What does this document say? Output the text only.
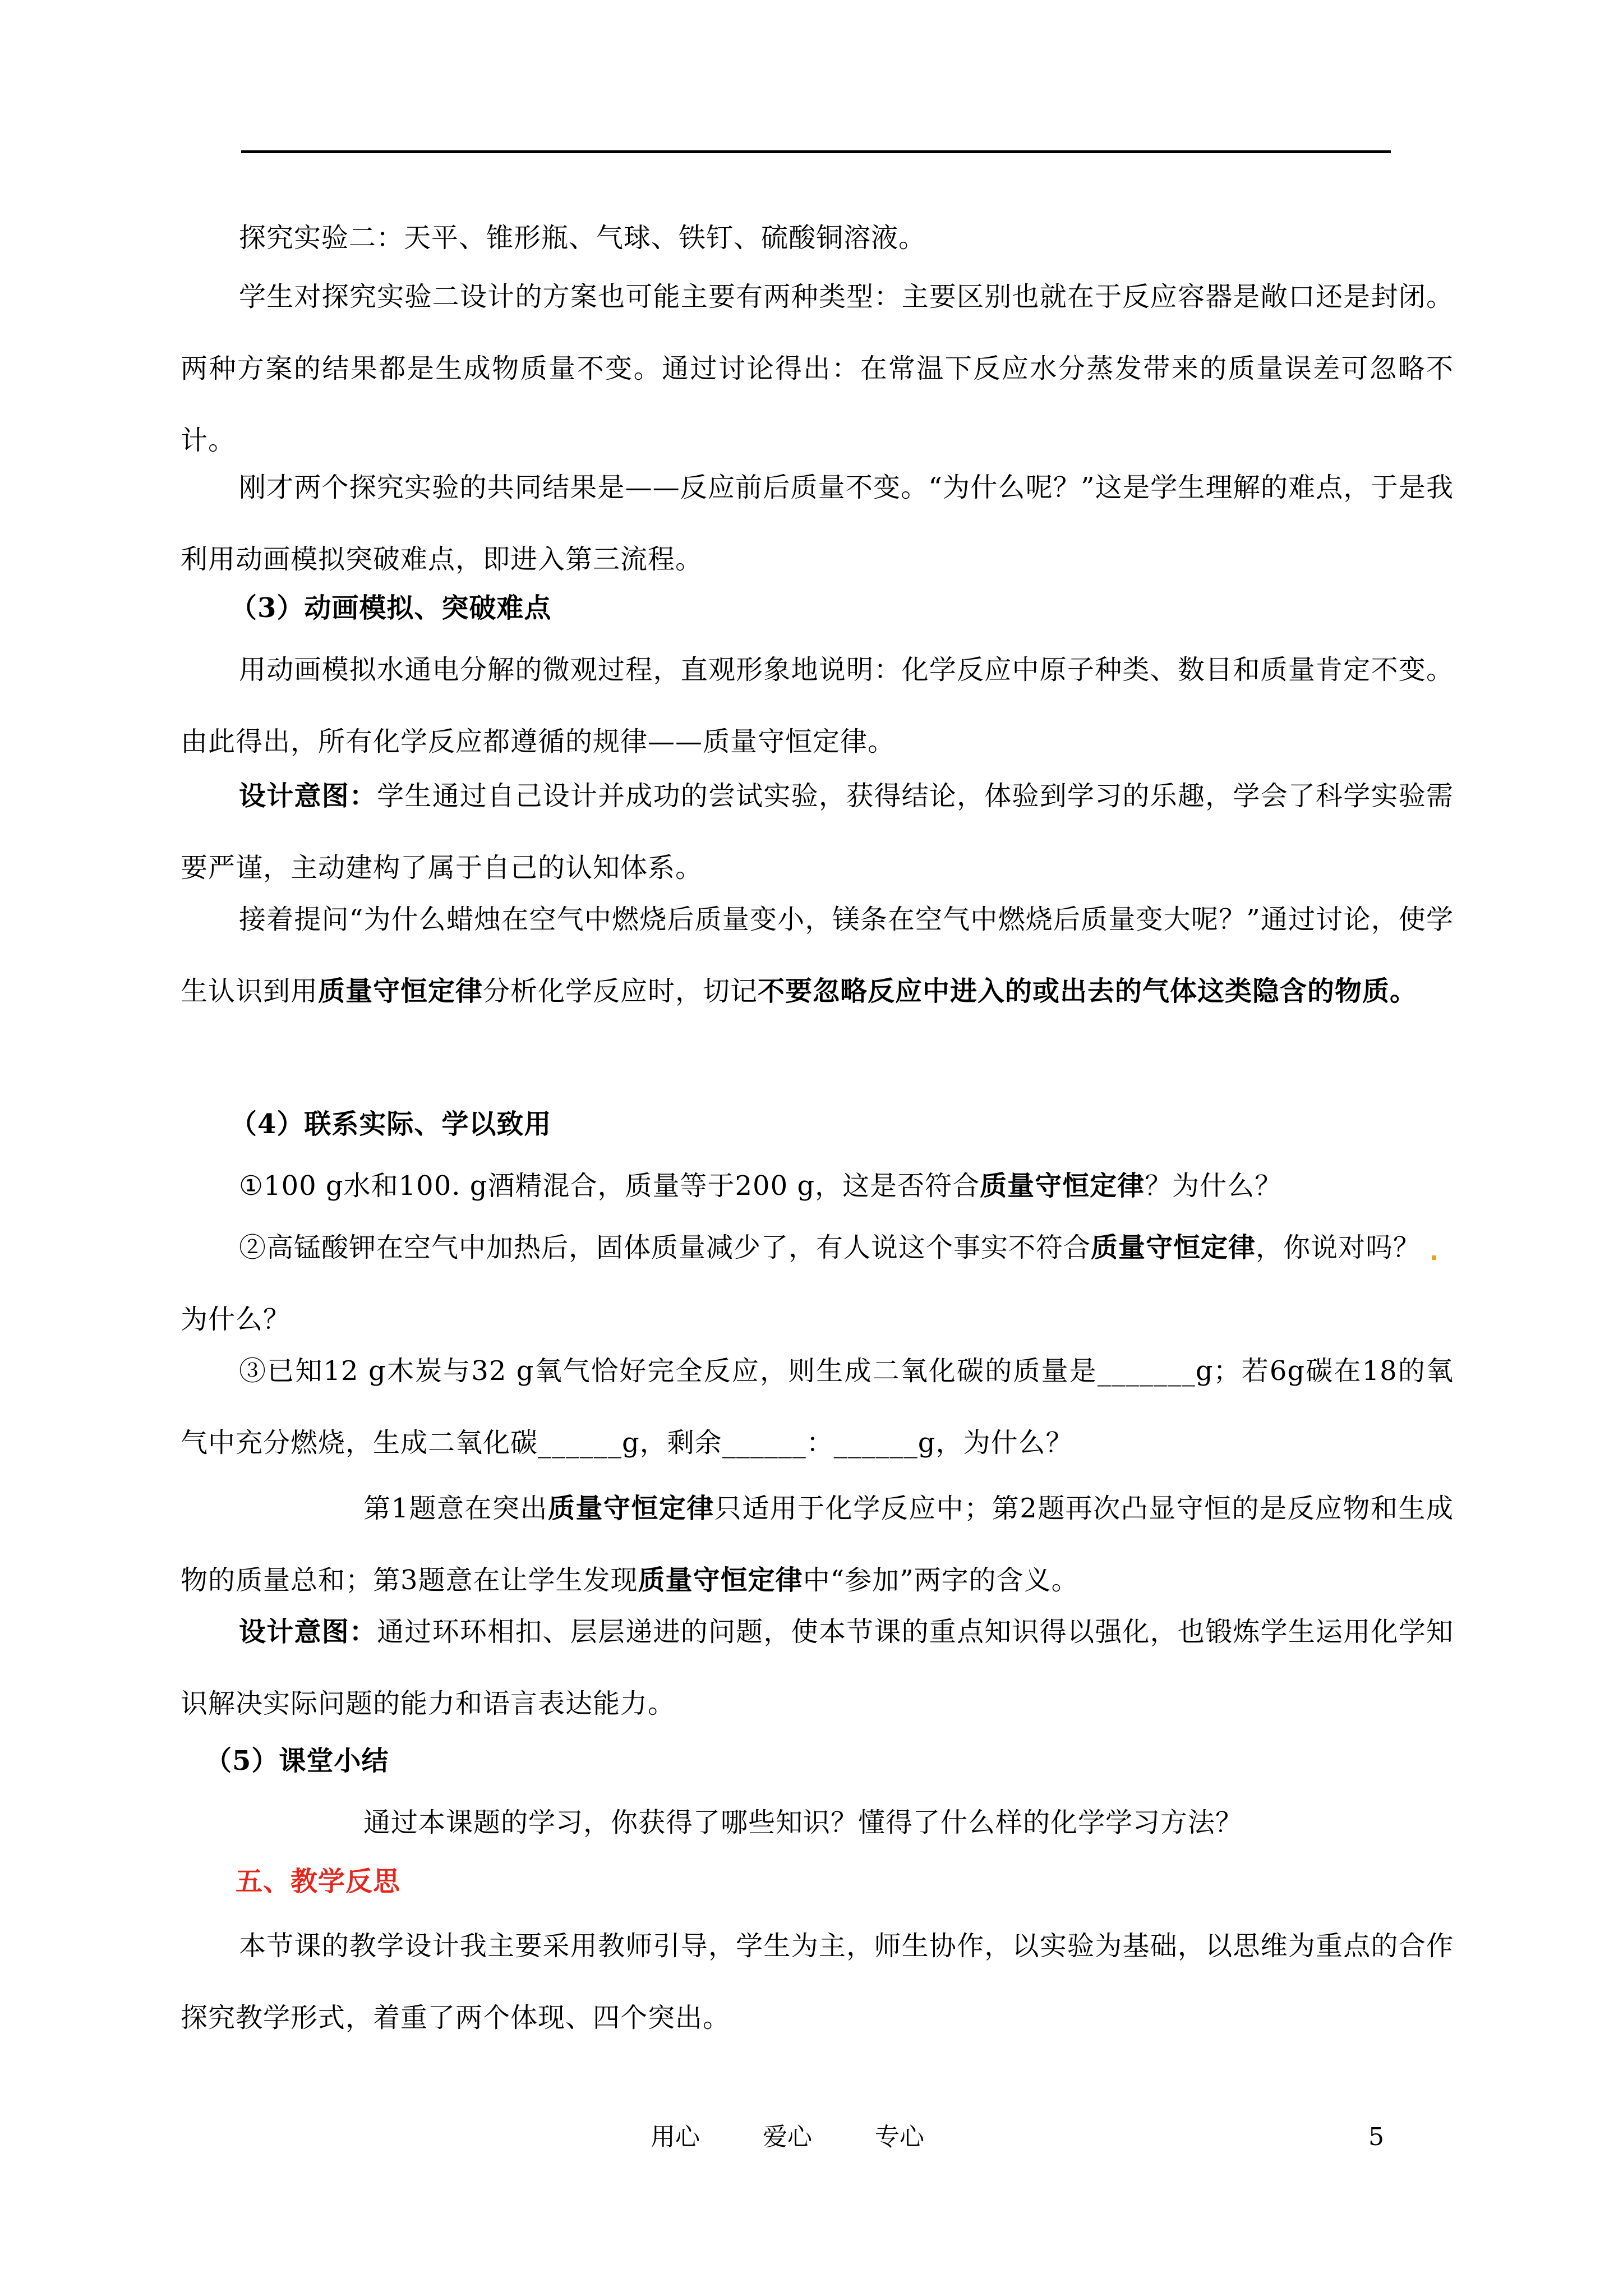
探究实验二：天平、锥形瓶、气球、铁钉、硫酸铜溶液。

学生对探究实验二设计的方案也可能主要有两种类型：主要区别也就在于反应容器是敞口还是封闭。两种方案的结果都是生成物质量不变。通过讨论得出：在常温下反应水分蒸发带来的质量误差可忽略不计。

刚才两个探究实验的共同结果是——反应前后质量不变。“为什么呢？”这是学生理解的难点，于是我利用动画模拟突破难点，即进入第三流程。

（3）动画模拟、突破难点

用动画模拟水通电分解的微观过程，直观形象地说明：化学反应中原子种类、数目和质量肯定不变。由此得出，所有化学反应都遵循的规律——质量守恒定律。

设计意图：学生通过自己设计并成功的尝试实验，获得结论，体验到学习的乐趣，学会了科学实验需要严谨，主动建构了属于自己的认知体系。

接着提问“为什么蜡烛在空气中燃烧后质量变小，镁条在空气中燃烧后质量变大呢？”通过讨论，使学生认识到用质量守恒定律分析化学反应时，切记不要忽略反应中进入的或出去的气体这类隐含的物质。

（4）联系实际、学以致用

①100 g水和100. g酒精混合，质量等于200 g，这是否符合质量守恒定律？为什么？

②高锰酸钾在空气中加热后，固体质量减少了，有人说这个事实不符合质量守恒定律，你说对吗？
为什么？

③已知12 g木炭与32 g氧气恰好完全反应，则生成二氧化碳的质量是_______g；若6g碳在18的氧气中充分燃烧，生成二氧化碳______g，剩余______：______g，为什么？

第1题意在突出质量守恒定律只适用于化学反应中；第2题再次凸显守恒的是反应物和生成物的质量总和；第3题意在让学生发现质量守恒定律中“参加”两字的含义。

设计意图：通过环环相扣、层层递进的问题，使本节课的重点知识得以强化，也锻炼学生运用化学知识解决实际问题的能力和语言表达能力。

（5）课堂小结

通过本课题的学习，你获得了哪些知识？懂得了什么样的化学学习方法？

五、教学反思

本节课的教学设计我主要采用教师引导，学生为主，师生协作，以实验为基础，以思维为重点的合作探究教学形式，着重了两个体现、四个突出。

用心	爱心	专心	5
